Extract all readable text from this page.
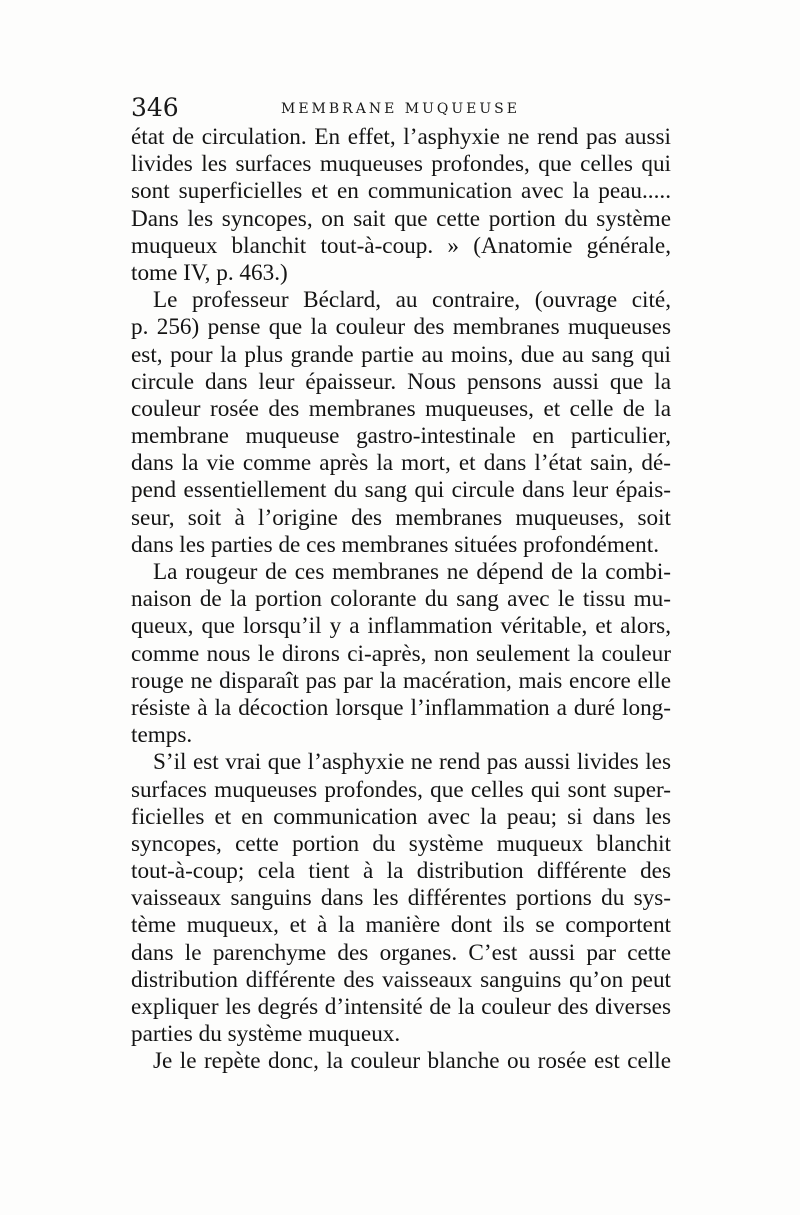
346	MEMBRANE MUQUEUSE
état de circulation. En effet, l’asphyxie ne rend pas aussi
livides les surfaces muqueuses profondes, que celles qui
sont superficielles et en communication avec la peau.....
Dans les syncopes, on sait que cette portion du système
muqueux blanchit tout-à-coup. » (Anatomie générale,
tome IV, p. 463.)
Le professeur Béclard, au contraire, (ouvrage cité,
p. 256) pense que la couleur des membranes muqueuses
est, pour la plus grande partie au moins, due au sang qui
circule dans leur épaisseur. Nous pensons aussi que la
couleur rosée des membranes muqueuses, et celle de la
membrane muqueuse gastro-intestinale en particulier,
dans la vie comme après la mort, et dans l’état sain, dé-
pend essentiellement du sang qui circule dans leur épais-
seur, soit à l’origine des membranes muqueuses, soit
dans les parties de ces membranes situées profondément.
La rougeur de ces membranes ne dépend de la combi-
naison de la portion colorante du sang avec le tissu mu-
queux, que lorsqu’il y a inflammation véritable, et alors,
comme nous le dirons ci-après, non seulement la couleur
rouge ne disparaît pas par la macération, mais encore elle
résiste à la décoction lorsque l’inflammation a duré long-
temps.
S’il est vrai que l’asphyxie ne rend pas aussi livides les
surfaces muqueuses profondes, que celles qui sont super-
ficielles et en communication avec la peau; si dans les
syncopes, cette portion du système muqueux blanchit
tout-à-coup; cela tient à la distribution différente des
vaisseaux sanguins dans les différentes portions du sys-
tème muqueux, et à la manière dont ils se comportent
dans le parenchyme des organes. C’est aussi par cette
distribution différente des vaisseaux sanguins qu’on peut
expliquer les degrés d’intensité de la couleur des diverses
parties du système muqueux.
Je le repète donc, la couleur blanche ou rosée est celle
